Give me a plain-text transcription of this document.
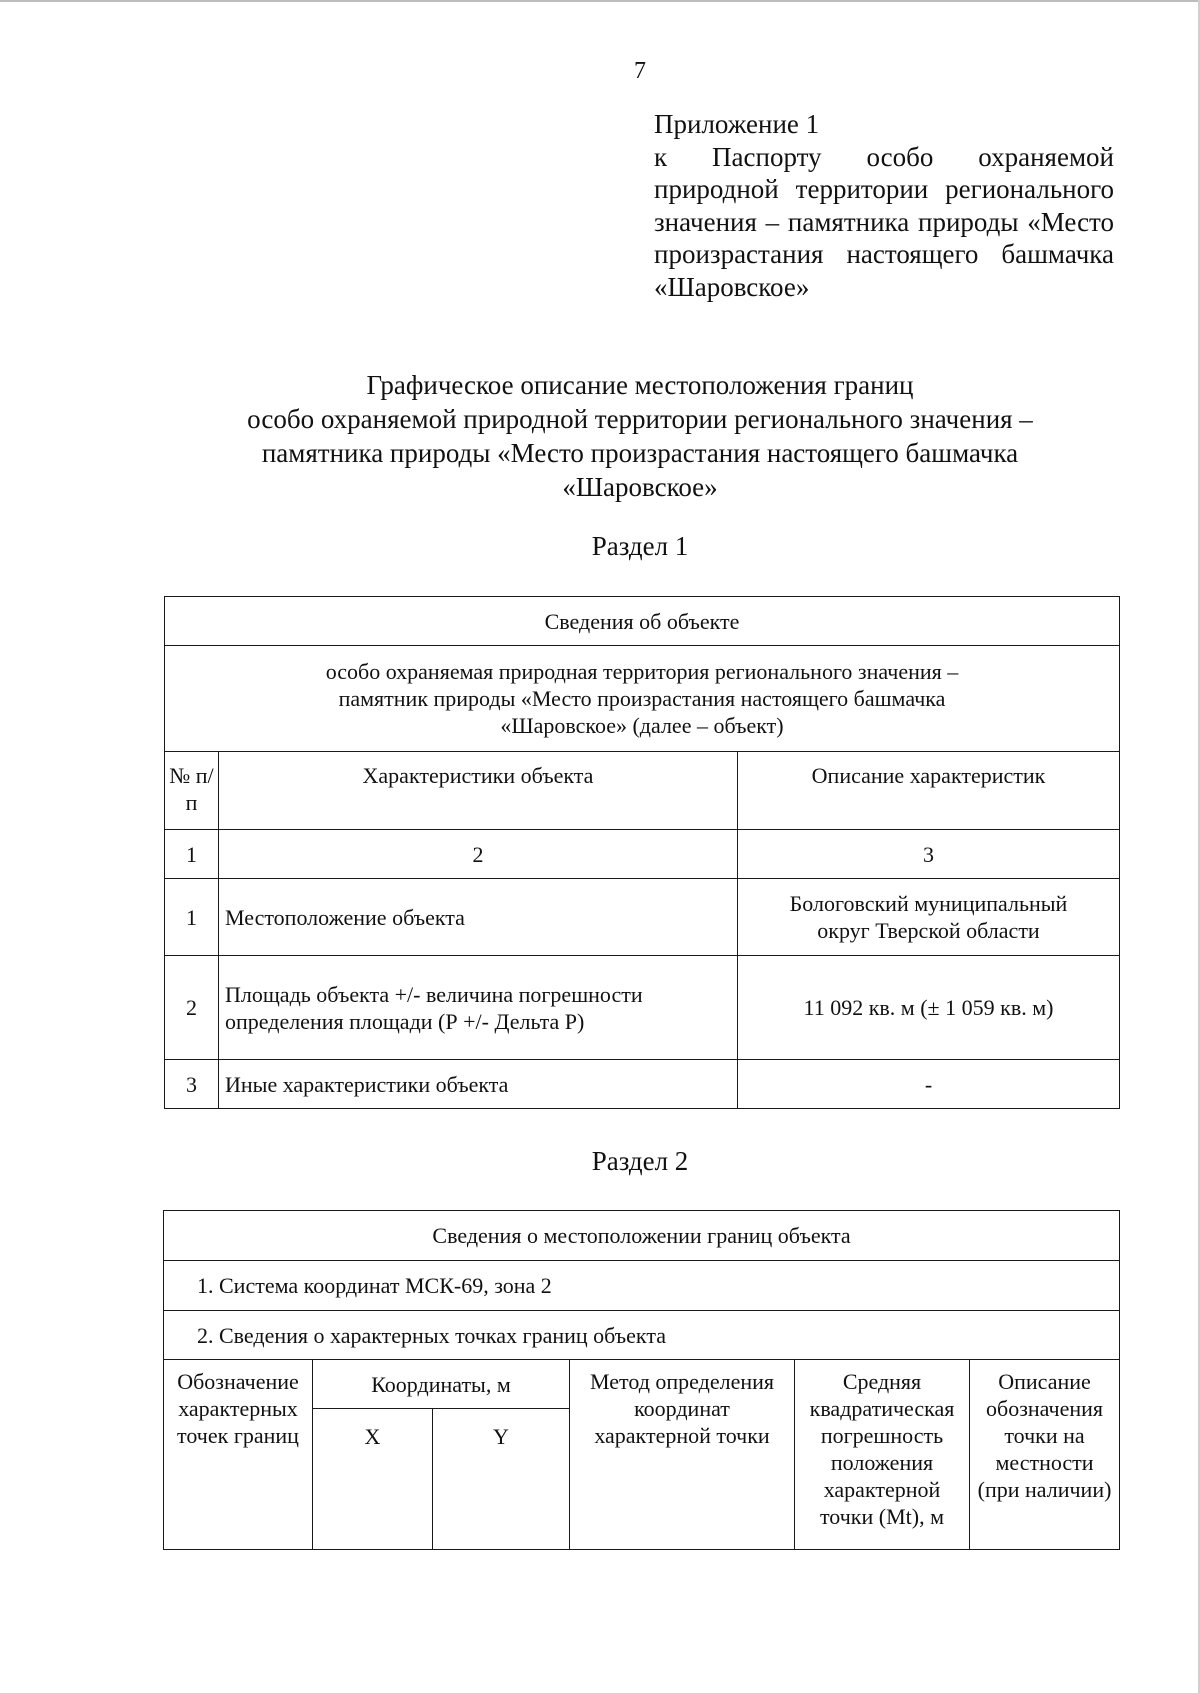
7
Приложение 1
к Паспорту особо охраняемой природной территории регионального значения – памятника природы «Место произрастания настоящего башмачка «Шаровское»
Графическое описание местоположения границ
особо охраняемой природной территории регионального значения –
памятника природы «Место произрастания настоящего башмачка
«Шаровское»
Раздел 1
Сведения об объекте		
особо охраняемая природная территория регионального значения – памятник природы «Место произрастания настоящего башмачка «Шаровское» (далее – объект)		
№ п/п	Характеристики объекта	Описание характеристик
1	2	3
1	Местоположение объекта	Бологовский муниципальный округ Тверской области
2	Площадь объекта +/- величина погрешности определения площади (Р +/- Дельта Р)	11 092 кв. м (± 1 059 кв. м)
3	Иные характеристики объекта	-
Раздел 2
Сведения о местоположении границ объекта					
1. Система координат МСК-69, зона 2					
2. Сведения о характерных точках границ объекта					
Обозначение характерных точек границ	Координаты, м		Метод определения координат характерной точки	Средняя квадратическая погрешность положения характерной точки (Mt), м	Описание обозначения точки на местности (при наличии)
	X	Y			
